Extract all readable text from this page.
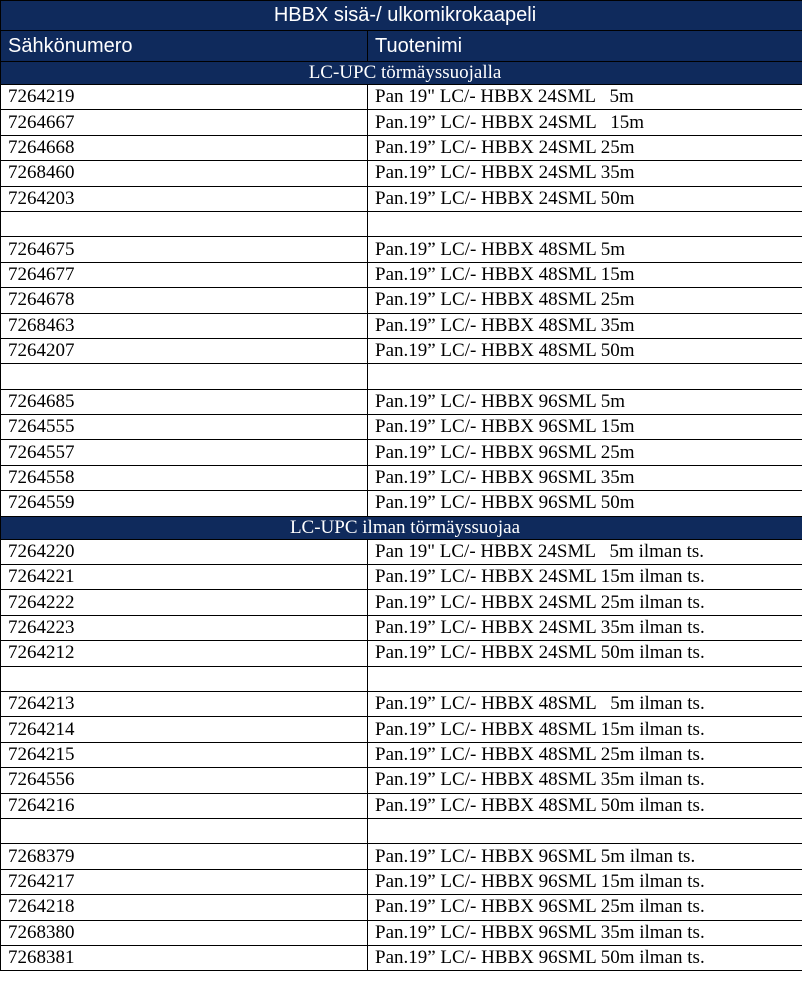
HBBX sisä-/ ulkomikrokaapeli	
Sähkönumero	Tuotenimi
LC-UPC törmäyssuojalla	
7264219	Pan 19" LC/- HBBX 24SML   5m
7264667	Pan.19” LC/- HBBX 24SML   15m
7264668	Pan.19” LC/- HBBX 24SML 25m
7268460	Pan.19” LC/- HBBX 24SML 35m
7264203	Pan.19” LC/- HBBX 24SML 50m

7264675	Pan.19” LC/- HBBX 48SML 5m
7264677	Pan.19” LC/- HBBX 48SML 15m
7264678	Pan.19” LC/- HBBX 48SML 25m
7268463	Pan.19” LC/- HBBX 48SML 35m
7264207	Pan.19” LC/- HBBX 48SML 50m

7264685	Pan.19” LC/- HBBX 96SML 5m
7264555	Pan.19” LC/- HBBX 96SML 15m
7264557	Pan.19” LC/- HBBX 96SML 25m
7264558	Pan.19” LC/- HBBX 96SML 35m
7264559	Pan.19” LC/- HBBX 96SML 50m
LC-UPC ilman törmäyssuojaa	
7264220	Pan 19" LC/- HBBX 24SML   5m ilman ts.
7264221	Pan.19” LC/- HBBX 24SML 15m ilman ts.
7264222	Pan.19” LC/- HBBX 24SML 25m ilman ts.
7264223	Pan.19” LC/- HBBX 24SML 35m ilman ts.
7264212	Pan.19” LC/- HBBX 24SML 50m ilman ts.

7264213	Pan.19” LC/- HBBX 48SML   5m ilman ts.
7264214	Pan.19” LC/- HBBX 48SML 15m ilman ts.
7264215	Pan.19” LC/- HBBX 48SML 25m ilman ts.
7264556	Pan.19” LC/- HBBX 48SML 35m ilman ts.
7264216	Pan.19” LC/- HBBX 48SML 50m ilman ts.

7268379	Pan.19” LC/- HBBX 96SML 5m ilman ts.
7264217	Pan.19” LC/- HBBX 96SML 15m ilman ts.
7264218	Pan.19” LC/- HBBX 96SML 25m ilman ts.
7268380	Pan.19” LC/- HBBX 96SML 35m ilman ts.
7268381	Pan.19” LC/- HBBX 96SML 50m ilman ts.
